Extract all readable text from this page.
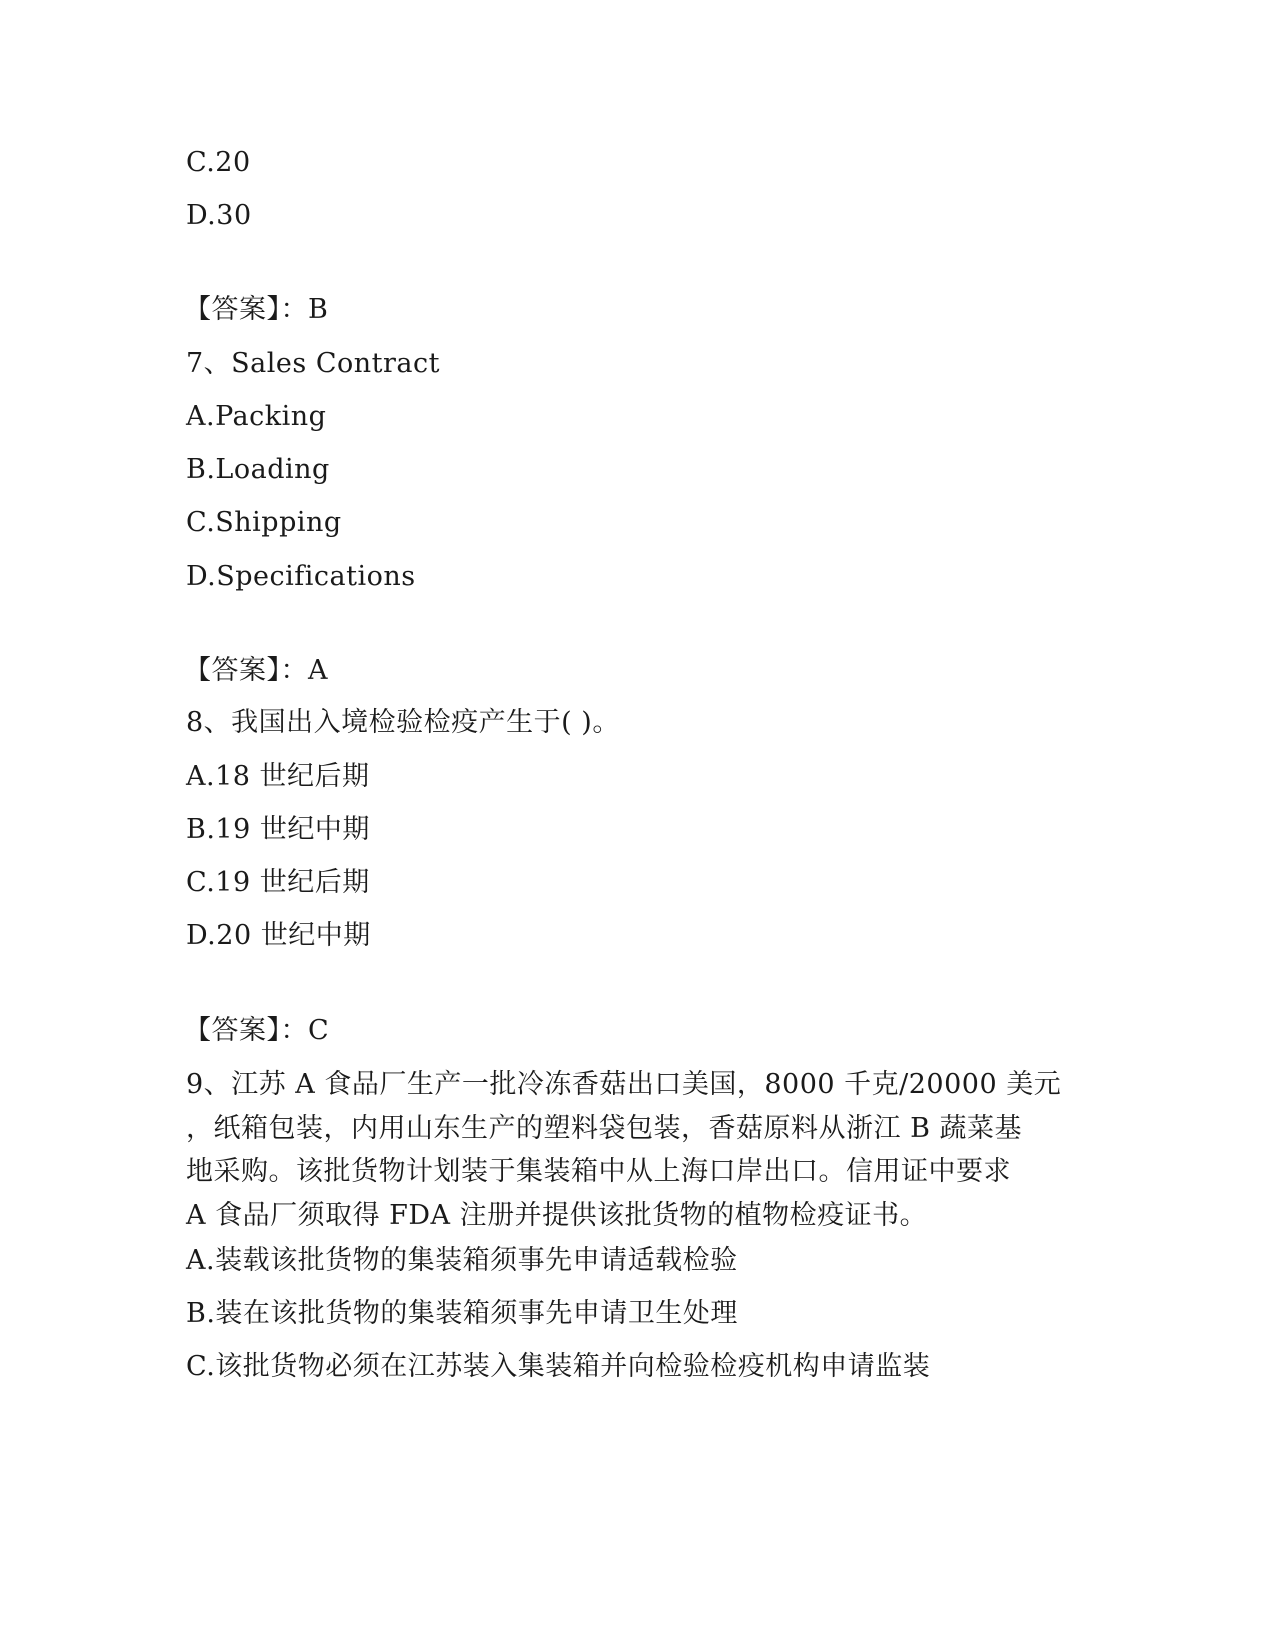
C.20
D.30
【答案】：B
7、Sales Contract
A.Packing
B.Loading
C.Shipping
D.Specifications
【答案】：A
8、我国出入境检验检疫产生于( )。
A.18 世纪后期
B.19 世纪中期
C.19 世纪后期
D.20 世纪中期
【答案】：C
9、江苏 A 食品厂生产一批冷冻香菇出口美国，8000 千克/20000 美元
，纸箱包装，内用山东生产的塑料袋包装，香菇原料从浙江 B 蔬菜基
地采购。该批货物计划装于集装箱中从上海口岸出口。信用证中要求
A 食品厂须取得 FDA 注册并提供该批货物的植物检疫证书。
A.装载该批货物的集装箱须事先申请适载检验
B.装在该批货物的集装箱须事先申请卫生处理
C.该批货物必须在江苏装入集装箱并向检验检疫机构申请监装
